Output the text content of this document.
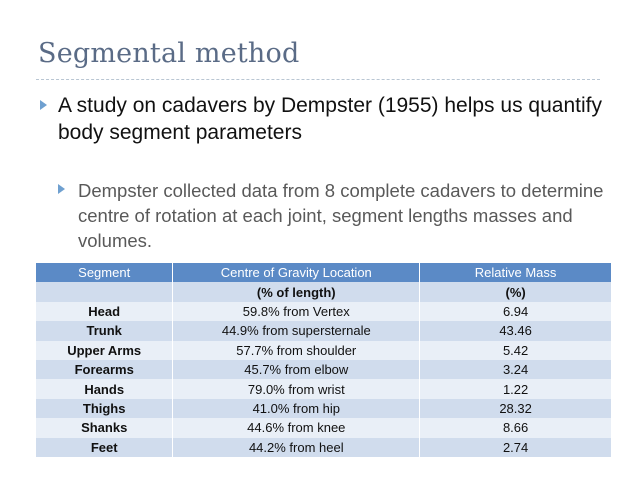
Segmental method
A study on cadavers by Dempster (1955) helps us quantify body segment parameters
Dempster collected data from 8 complete cadavers to determine centre of rotation at each joint, segment lengths masses and volumes.
Segment	Centre of Gravity Location	Relative Mass
	(% of length)	(%)
Head	59.8% from Vertex	6.94
Trunk	44.9% from supersternale	43.46
Upper Arms	57.7% from shoulder	5.42
Forearms	45.7% from elbow	3.24
Hands	79.0% from wrist	1.22
Thighs	41.0% from hip	28.32
Shanks	44.6% from knee	8.66
Feet	44.2% from heel	2.74
